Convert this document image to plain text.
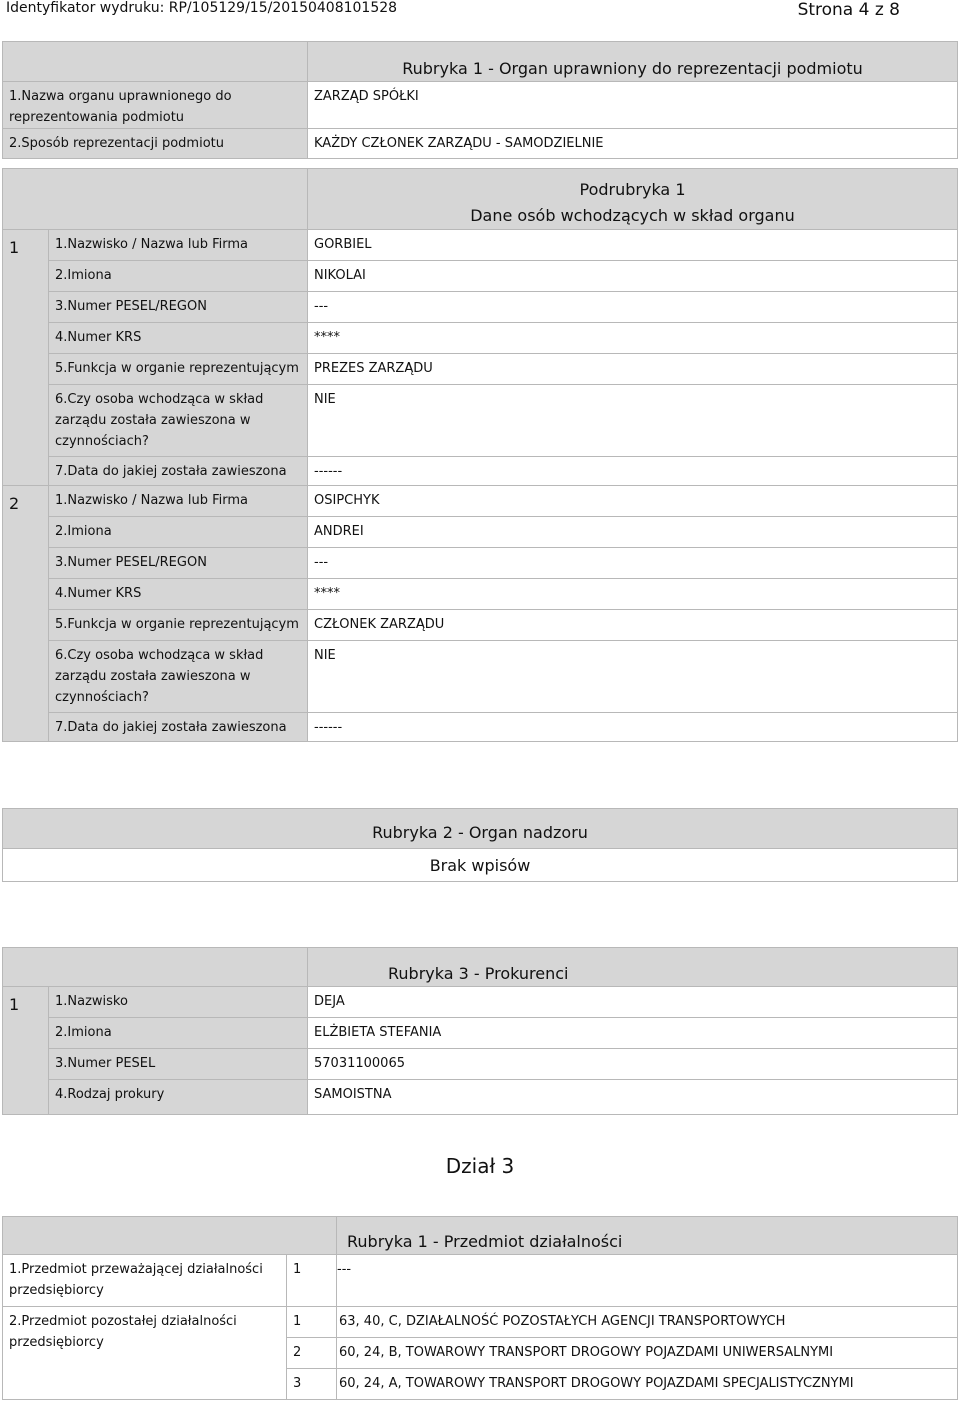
Identyfikator wydruku: RP/105129/15/20150408101528	Strona 4 z 8
	Rubryka 1 - Organ uprawniony do reprezentacji podmiotu
1.Nazwa organu uprawnionego do reprezentowania podmiotu	ZARZĄD SPÓŁKI
2.Sposób reprezentacji podmiotu	KAŻDY CZŁONEK ZARZĄDU - SAMODZIELNIE

		Podrubryka 1
Dane osób wchodzących w skład organu

1	1.Nazwisko / Nazwa lub Firma	GORBIEL
	2.Imiona	NIKOLAI
	3.Numer PESEL/REGON	---
	4.Numer KRS	****
	5.Funkcja w organie reprezentującym	PREZES ZARZĄDU
	6.Czy osoba wchodząca w skład zarządu została zawieszona w czynnościach?	NIE
	7.Data do jakiej została zawieszona	------
2	1.Nazwisko / Nazwa lub Firma	OSIPCHYK
	2.Imiona	ANDREI
	3.Numer PESEL/REGON	---
	4.Numer KRS	****
	5.Funkcja w organie reprezentującym	CZŁONEK ZARZĄDU
	6.Czy osoba wchodząca w skład zarządu została zawieszona w czynnościach?	NIE
	7.Data do jakiej została zawieszona	------
Rubryka 2 - Organ nadzoru
Brak wpisów
		Rubryka 3 - Prokurenci
1	1.Nazwisko	DEJA
	2.Imiona	ELŻBIETA STEFANIA
	3.Numer PESEL	57031100065
	4.Rodzaj prokury	SAMOISTNA
Dział 3
		Rubryka 1 - Przedmiot działalności
1.Przedmiot przeważającej działalności przedsiębiorcy	1	---
2.Przedmiot pozostałej działalności przedsiębiorcy	1	63, 40, C, DZIAŁALNOŚĆ POZOSTAŁYCH AGENCJI TRANSPORTOWYCH
	2	60, 24, B, TOWAROWY TRANSPORT DROGOWY POJAZDAMI UNIWERSALNYMI
	3	60, 24, A, TOWAROWY TRANSPORT DROGOWY POJAZDAMI SPECJALISTYCZNYMI
